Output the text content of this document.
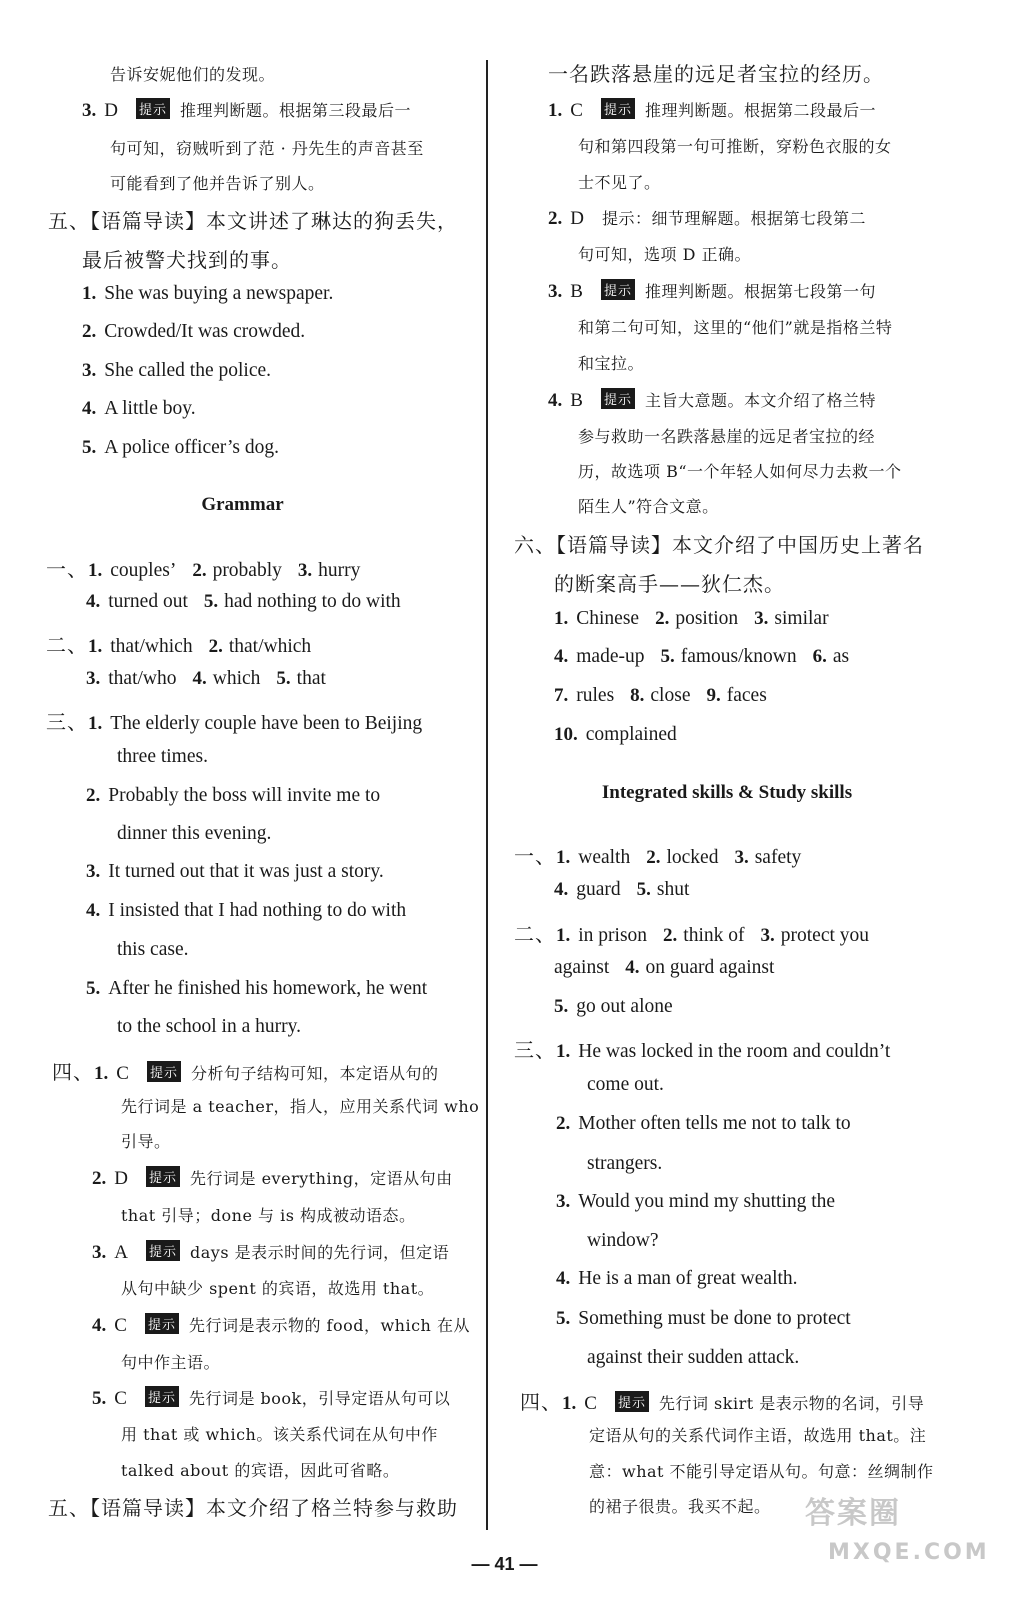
告诉安妮他们的发现。
3. D 提示 推理判断题。根据第三段最后一
句可知，窃贼听到了范 · 丹先生的声音甚至
可能看到了他并告诉了别人。
五、【语篇导读】本文讲述了琳达的狗丢失，
最后被警犬找到的事。
1. She was buying a newspaper.
2. Crowded/It was crowded.
3. She called the police.
4. A little boy.
5. A police officer’s dog.
Grammar
一、1. couples’ 2. probably 3. hurry
4. turned out 5. had nothing to do with
二、1. that/which 2. that/which
3. that/who 4. which 5. that
三、1. The elderly couple have been to Beijing
three times.
2. Probably the boss will invite me to
dinner this evening.
3. It turned out that it was just a story.
4. I insisted that I had nothing to do with
this case.
5. After he finished his homework, he went
to the school in a hurry.
四、1. C 提示 分析句子结构可知，本定语从句的
先行词是 a teacher，指人，应用关系代词 who
引导。
2. D 提示 先行词是 everything，定语从句由
that 引导；done 与 is 构成被动语态。
3. A 提示 days 是表示时间的先行词，但定语
从句中缺少 spent 的宾语，故选用 that。
4. C 提示 先行词是表示物的 food，which 在从
句中作主语。
5. C 提示 先行词是 book，引导定语从句可以
用 that 或 which。该关系代词在从句中作
talked about 的宾语，因此可省略。
五、【语篇导读】本文介绍了格兰特参与救助
一名跌落悬崖的远足者宝拉的经历。
1. C 提示 推理判断题。根据第二段最后一
句和第四段第一句可推断，穿粉色衣服的女
士不见了。
2. D 提示：细节理解题。根据第七段第二
句可知，选项 D 正确。
3. B 提示 推理判断题。根据第七段第一句
和第二句可知，这里的“他们”就是指格兰特
和宝拉。
4. B 提示 主旨大意题。本文介绍了格兰特
参与救助一名跌落悬崖的远足者宝拉的经
历，故选项 B“一个年轻人如何尽力去救一个
陌生人”符合文意。
六、【语篇导读】本文介绍了中国历史上著名
的断案高手——狄仁杰。
1. Chinese 2. position 3. similar
4. made-up 5. famous/known 6. as
7. rules 8. close 9. faces
10. complained
Integrated skills & Study skills
一、1. wealth 2. locked 3. safety
4. guard 5. shut
二、1. in prison 2. think of 3. protect you
against 4. on guard against
5. go out alone
三、1. He was locked in the room and couldn’t
come out.
2. Mother often tells me not to talk to
strangers.
3. Would you mind my shutting the
window?
4. He is a man of great wealth.
5. Something must be done to protect
against their sudden attack.
四、1. C 提示 先行词 skirt 是表示物的名词，引导
定语从句的关系代词作主语，故选用 that。注
意：what 不能引导定语从句。句意：丝绸制作
的裙子很贵。我买不起。 答案圈
MXQE.COM
— 41 —
